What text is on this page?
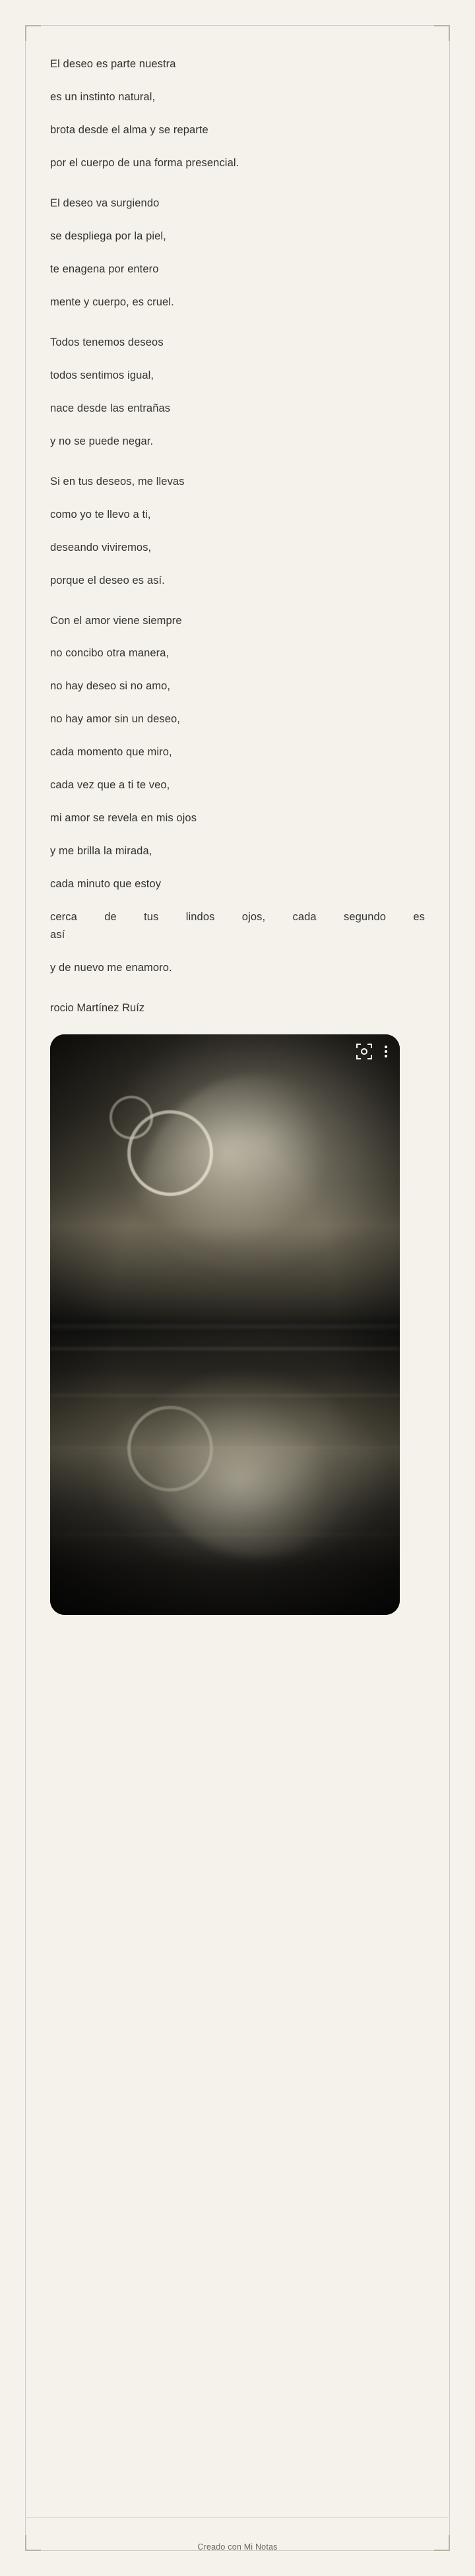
El deseo es parte nuestra

es un instinto natural,

brota desde el alma y se reparte

por el cuerpo de una forma presencial.

El deseo va surgiendo

se despliega por la piel,

te enagena por entero

mente y cuerpo, es cruel.

Todos tenemos deseos

todos sentimos igual,

nace desde las entrañas

y no se puede negar.

Si en tus deseos, me llevas

como yo te llevo a ti,

deseando viviremos,

porque el deseo es así.

Con el amor viene siempre

no concibo otra manera,

no hay deseo si no amo,

no hay amor sin un deseo,

cada momento que miro,

cada vez que a ti te veo,

mi amor se revela en mis ojos

y me brilla la mirada,

cada minuto que estoy

cerca de tus lindos ojos, cada segundo es

así

y de nuevo me enamoro.

rocio Martínez Ruíz
Creado con Mi Notas
